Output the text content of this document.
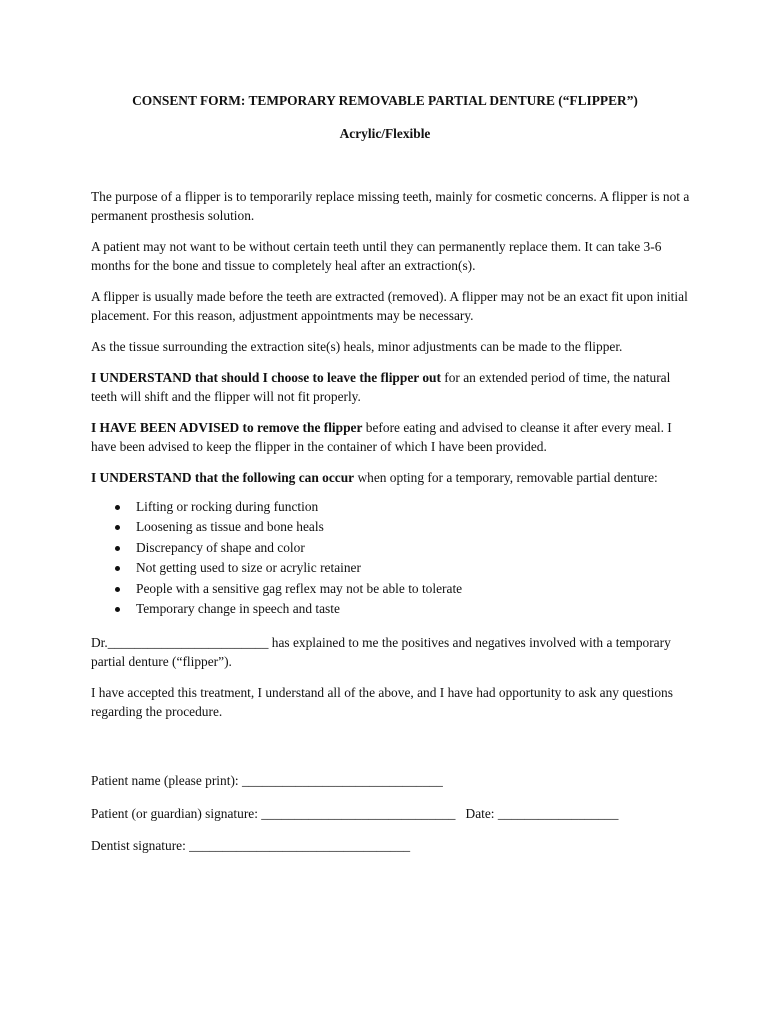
CONSENT FORM: TEMPORARY REMOVABLE PARTIAL DENTURE (“FLIPPER”)
Acrylic/Flexible

The purpose of a flipper is to temporarily replace missing teeth, mainly for cosmetic concerns. A flipper is not a permanent prosthesis solution.

A patient may not want to be without certain teeth until they can permanently replace them. It can take 3-6 months for the bone and tissue to completely heal after an extraction(s).

A flipper is usually made before the teeth are extracted (removed). A flipper may not be an exact fit upon initial placement. For this reason, adjustment appointments may be necessary.

As the tissue surrounding the extraction site(s) heals, minor adjustments can be made to the flipper.

I UNDERSTAND that should I choose to leave the flipper out for an extended period of time, the natural teeth will shift and the flipper will not fit properly.

I HAVE BEEN ADVISED to remove the flipper before eating and advised to cleanse it after every meal. I have been advised to keep the flipper in the container of which I have been provided.

I UNDERSTAND that the following can occur when opting for a temporary, removable partial denture:

Lifting or rocking during function
Loosening as tissue and bone heals
Discrepancy of shape and color
Not getting used to size or acrylic retainer
People with a sensitive gag reflex may not be able to tolerate
Temporary change in speech and taste

Dr.________________________ has explained to me the positives and negatives involved with a temporary partial denture (“flipper”).

I have accepted this treatment, I understand all of the above, and I have had opportunity to ask any questions regarding the procedure.

Patient name (please print): ______________________________
Patient (or guardian) signature: _____________________________ Date: __________________
Dentist signature: _________________________________
